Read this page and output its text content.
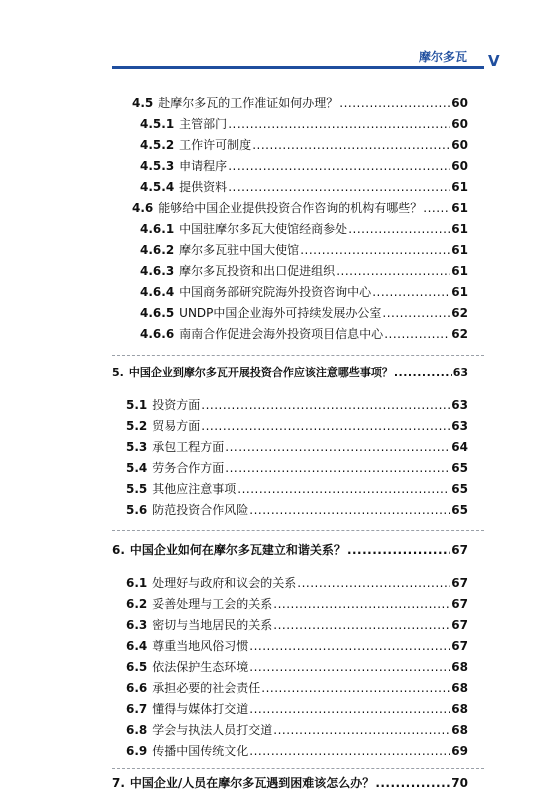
摩尔多瓦 V
4.5 赴摩尔多瓦的工作准证如何办理？ .....	60
4.5.1 主管部门 .....	60
4.5.2 工作许可制度 .....	60
4.5.3 申请程序 .....	60
4.5.4 提供资料 .....	61
4.6 能够给中国企业提供投资合作咨询的机构有哪些？ ..... 61
4.6.1 中国驻摩尔多瓦大使馆经商参处 .....	61
4.6.2 摩尔多瓦驻中国大使馆 .....	61
4.6.3 摩尔多瓦投资和出口促进组织 .....	61
4.6.4 中国商务部研究院海外投资咨询中心 .....	61
4.6.5 UNDP中国企业海外可持续发展办公室 .....	62
4.6.6 南南合作促进会海外投资项目信息中心 .....	62
5. 中国企业到摩尔多瓦开展投资合作应该注意哪些事项？ .....	63
5.1 投资方面 .....	63
5.2 贸易方面 .....	63
5.3 承包工程方面 .....	64
5.4 劳务合作方面 .....	65
5.5 其他应注意事项 .....	65
5.6 防范投资合作风险 .....	65
6. 中国企业如何在摩尔多瓦建立和谐关系？ .....	67
6.1 处理好与政府和议会的关系 .....	67
6.2 妥善处理与工会的关系 .....	67
6.3 密切与当地居民的关系 .....	67
6.4 尊重当地风俗习惯 .....	67
6.5 依法保护生态环境 .....	68
6.6 承担必要的社会责任 .....	68
6.7 懂得与媒体打交道 .....	68
6.8 学会与执法人员打交道 .....	68
6.9 传播中国传统文化 .....	69
7. 中国企业/人员在摩尔多瓦遇到困难该怎么办？ .....	70
